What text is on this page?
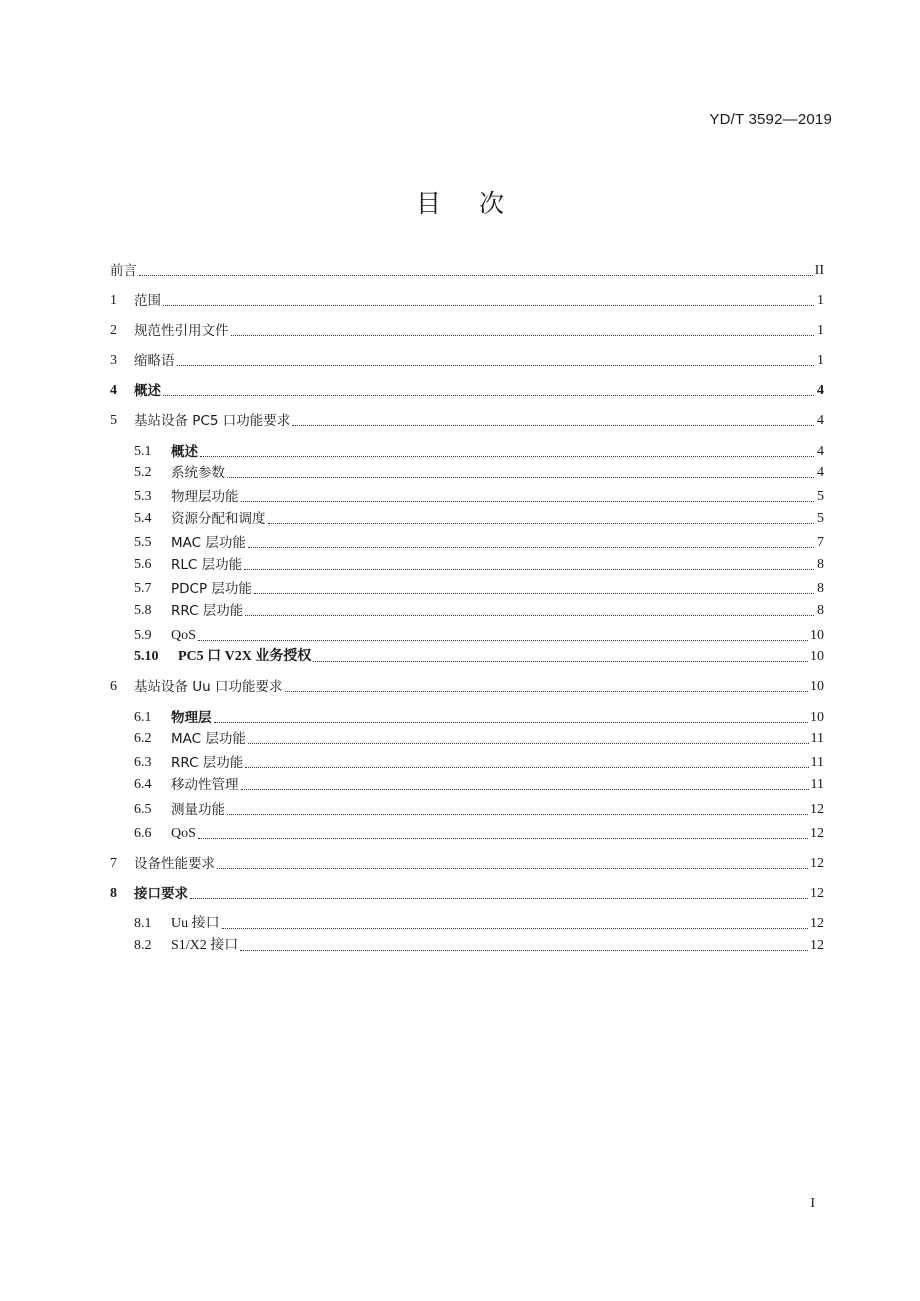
YD/T 3592—2019
目次
前言	II
1	范围	1
2	规范性引用文件	1
3	缩略语	1
4	概述	4
5	基站设备 PC5 口功能要求	4
5.1	概述	4
5.2	系统参数	4
5.3	物理层功能	5
5.4	资源分配和调度	5
5.5	MAC 层功能	7
5.6	RLC 层功能	8
5.7	PDCP 层功能	8
5.8	RRC 层功能	8
5.9	QoS	10
5.10	PC5 口 V2X 业务授权	10
6	基站设备 Uu 口功能要求	10
6.1	物理层	10
6.2	MAC 层功能	11
6.3	RRC 层功能	11
6.4	移动性管理	11
6.5	测量功能	12
6.6	QoS	12
7	设备性能要求	12
8	接口要求	12
8.1	Uu 接口	12
8.2	S1/X2 接口	12
I
